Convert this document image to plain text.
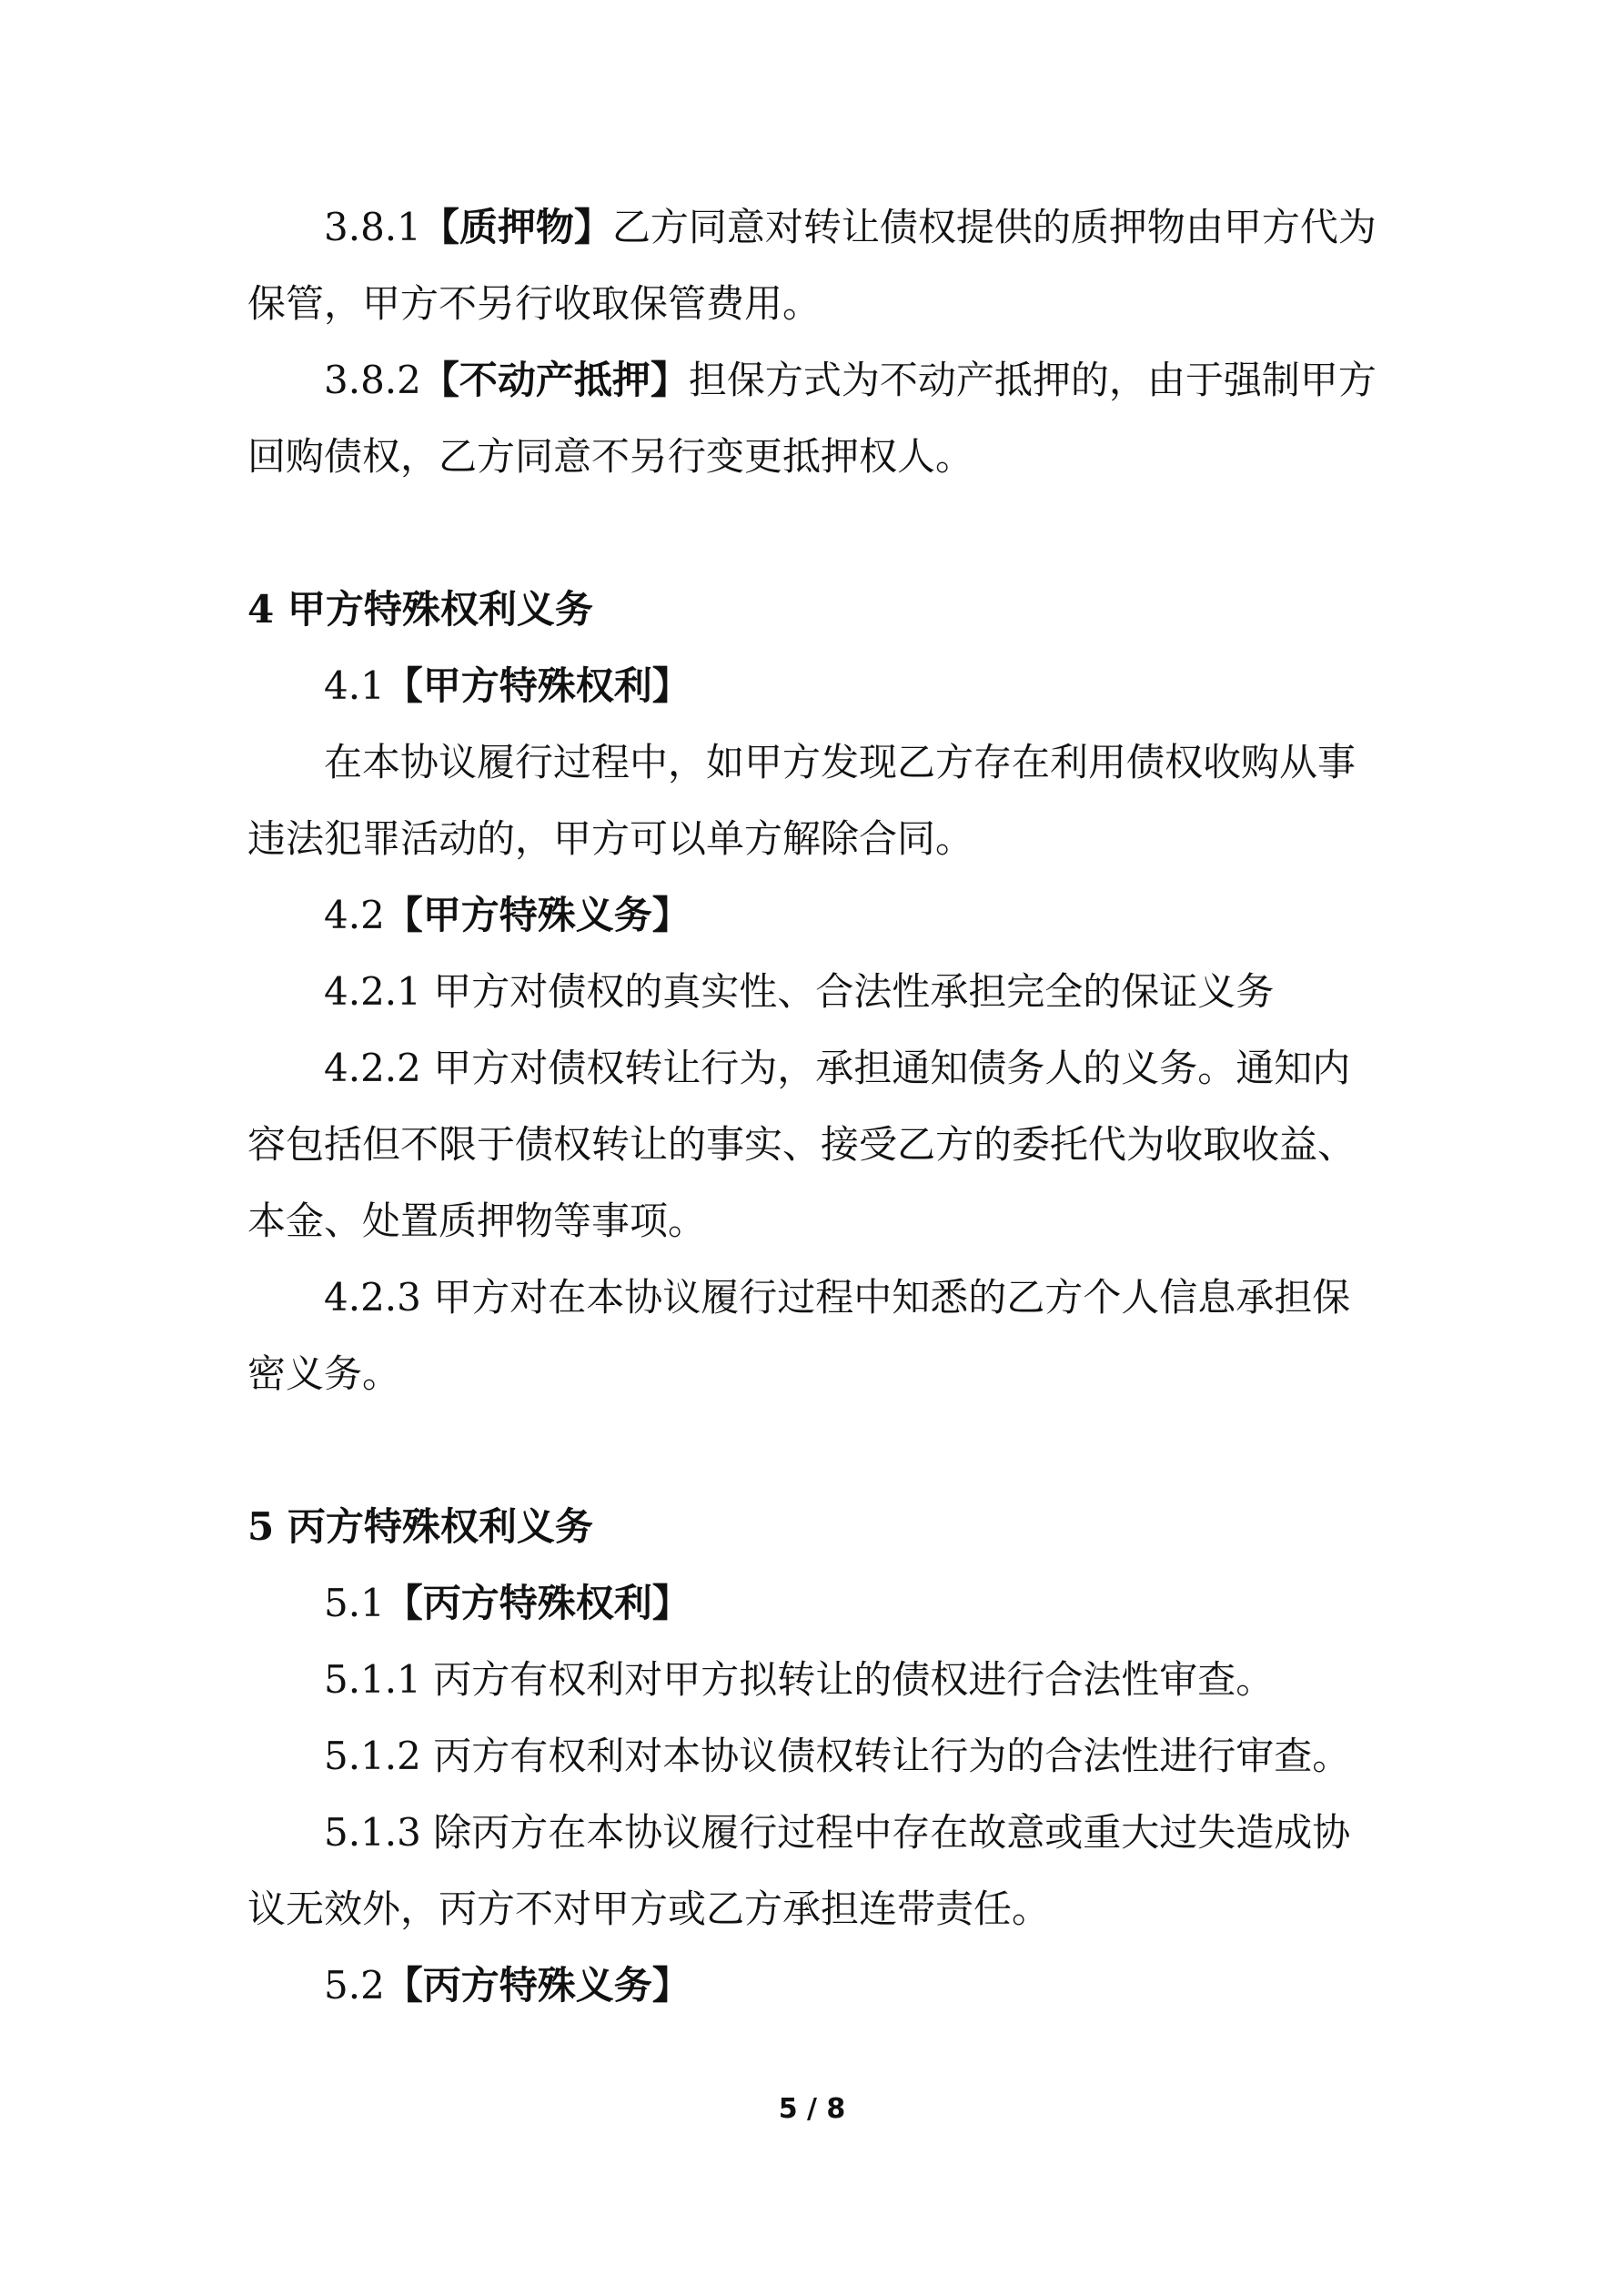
3.8.1【质押物】乙方同意对转让债权提供的质押物由甲方代为

保管，甲方不另行收取保管费用。

3.8.2【不动产抵押】担保方式为不动产抵押的，由于强制甲方

回购债权，乙方同意不另行变更抵押权人。

4 甲方特殊权利义务

4.1【甲方特殊权利】

在本协议履行过程中，如甲方发现乙方存在利用债权收购从事

违法犯罪活动的，甲方可以单方解除合同。

4.2【甲方特殊义务】

4.2.1 甲方对债权的真实性、合法性承担完全的保证义务

4.2.2 甲方对债权转让行为，承担通知债务人的义务。通知内

容包括但不限于债权转让的事实、接受乙方的委托代为收取收益、

本金、处置质押物等事项。

4.2.3 甲方对在本协议履行过程中知悉的乙方个人信息承担保

密义务。

5 丙方特殊权利义务

5.1【丙方特殊权利】

5.1.1 丙方有权利对甲方拟转让的债权进行合法性审查。

5.1.2 丙方有权利对本协议债权转让行为的合法性进行审查。

5.1.3 除丙方在本协议履行过程中存在故意或重大过失造成协

议无效外，丙方不对甲方或乙方承担连带责任。

5.2【丙方特殊义务】

5 / 8
